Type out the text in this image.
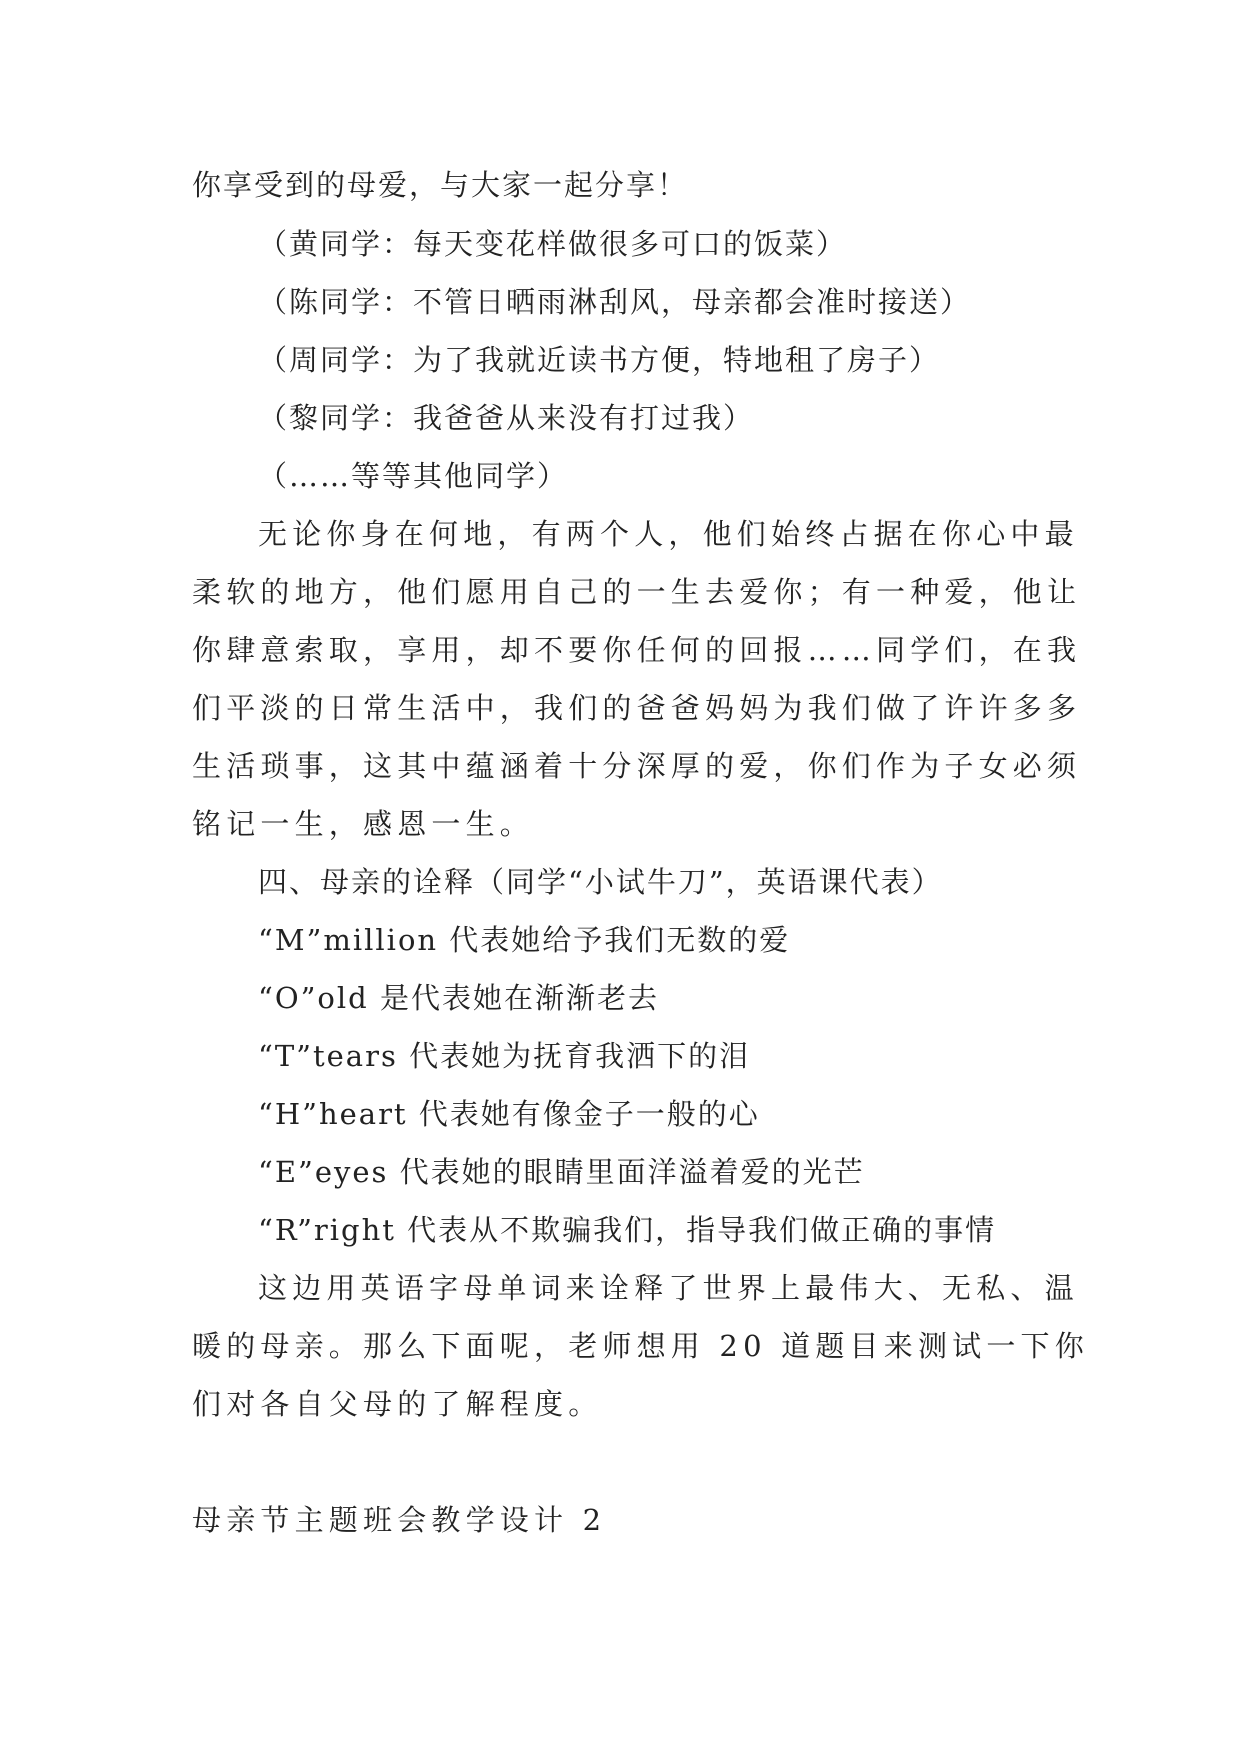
你享受到的母爱，与大家一起分享！
（黄同学：每天变花样做很多可口的饭菜）
（陈同学：不管日晒雨淋刮风，母亲都会准时接送）
（周同学：为了我就近读书方便，特地租了房子）
（黎同学：我爸爸从来没有打过我）
（……等等其他同学）
无论你身在何地，有两个人，他们始终占据在你心中最
柔软的地方，他们愿用自己的一生去爱你；有一种爱，他让
你肆意索取，享用，却不要你任何的回报……同学们，在我
们平淡的日常生活中，我们的爸爸妈妈为我们做了许许多多
生活琐事，这其中蕴涵着十分深厚的爱，你们作为子女必须
铭记一生，感恩一生。
四、母亲的诠释（同学“小试牛刀”，英语课代表）
“M”million 代表她给予我们无数的爱
“O”old 是代表她在渐渐老去
“T”tears 代表她为抚育我洒下的泪
“H”heart 代表她有像金子一般的心
“E”eyes 代表她的眼睛里面洋溢着爱的光芒
“R”right 代表从不欺骗我们，指导我们做正确的事情
这边用英语字母单词来诠释了世界上最伟大、无私、温
暖的母亲。那么下面呢，老师想用 20 道题目来测试一下你
们对各自父母的了解程度。
母亲节主题班会教学设计 2
